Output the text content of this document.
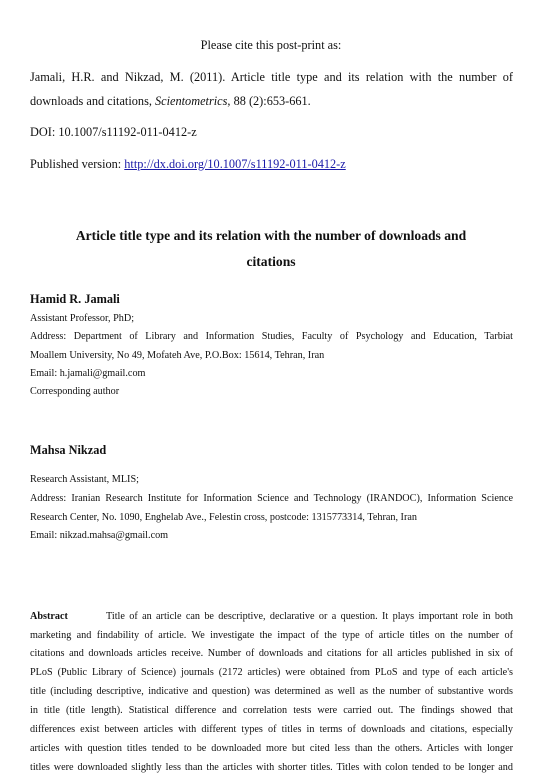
Please cite this post-print as:
Jamali, H.R. and Nikzad, M. (2011). Article title type and its relation with the number of
downloads and citations, Scientometrics, 88 (2):653-661.
DOI: 10.1007/s11192-011-0412-z
Published version: http://dx.doi.org/10.1007/s11192-011-0412-z
Article title type and its relation with the number of downloads and
citations
Hamid R. Jamali
Assistant Professor, PhD;
Address: Department of Library and Information Studies, Faculty of Psychology and Education, Tarbiat
Moallem University, No 49, Mofateh Ave, P.O.Box: 15614, Tehran, Iran
Email: h.jamali@gmail.com
Corresponding author
Mahsa Nikzad
Research Assistant, MLIS;
Address: Iranian Research Institute for Information Science and Technology (IRANDOC), Information Science
Research Center, No. 1090, Enghelab Ave., Felestin cross, postcode: 1315773314, Tehran, Iran
Email: nikzad.mahsa@gmail.com
Abstract	Title of an article can be descriptive, declarative or a question. It plays important role in both
marketing and findability of article. We investigate the impact of the type of article titles on the number of
citations and downloads articles receive. Number of downloads and citations for all articles published in six of
PLoS (Public Library of Science) journals (2172 articles) were obtained from PLoS and type of each article's
title (including descriptive, indicative and question) was determined as well as the number of substantive words
in title (title length). Statistical difference and correlation tests were carried out. The findings showed that
differences exist between articles with different types of titles in terms of downloads and citations, especially
articles with question titles tended to be downloaded more but cited less than the others. Articles with longer
titles were downloaded slightly less than the articles with shorter titles. Titles with colon tended to be longer and
